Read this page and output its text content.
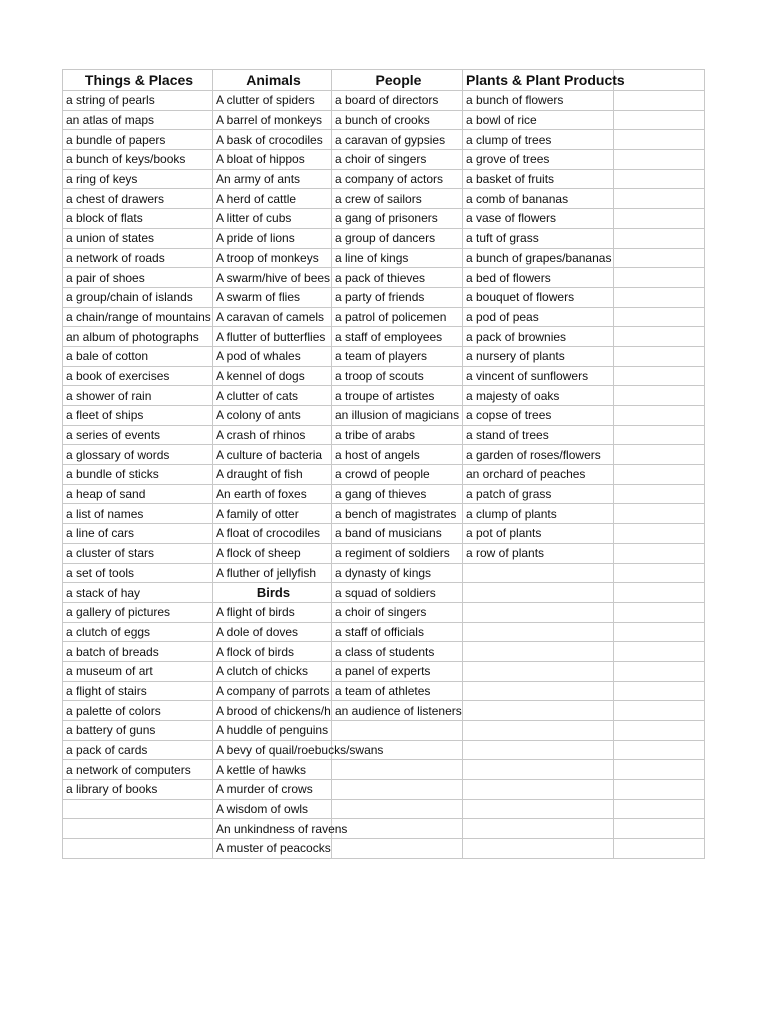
Things & Places	Animals	People	Plants & Plant Products	
a string of pearls	A clutter of spiders	a board of directors	a bunch of flowers	
an atlas of maps	A barrel of monkeys	a bunch of crooks	a bowl of rice	
a bundle of papers	A bask of crocodiles	a caravan of gypsies	a clump of trees	
a bunch of keys/books	A bloat of hippos	a choir of singers	a grove of trees	
a ring of keys	An army of ants	a company of actors	a basket of fruits	
a chest of drawers	A herd of cattle	a crew of sailors	a comb of bananas	
a block of flats	A litter of cubs	a gang of prisoners	a vase of flowers	
a union of states	A pride of lions	a group of dancers	a tuft of grass	
a network of roads	A troop of monkeys	a line of kings	a bunch of grapes/bananas	
a pair of shoes	A swarm/hive of bees	a pack of thieves	a bed of flowers	
a group/chain of islands	A swarm of flies	a party of friends	a bouquet of flowers	
a chain/range of mountains	A caravan of camels	a patrol of policemen	a pod of peas	
an album of photographs	A flutter of butterflies	a staff of employees	a pack of brownies	
a bale of cotton	A pod of whales	a team of players	a nursery of plants	
a book of exercises	A kennel of dogs	a troop of scouts	a vincent of sunflowers	
a shower of rain	A clutter of cats	a troupe of artistes	a majesty of oaks	
a fleet of ships	A colony of ants	an illusion of magicians	a copse of trees	
a series of events	A crash of rhinos	a tribe of arabs	a stand of trees	
a glossary of words	A culture of bacteria	a host of angels	a garden of roses/flowers	
a bundle of sticks	A draught of fish	a crowd of people	an orchard of peaches	
a heap of sand	An earth of foxes	a gang of thieves	a patch of grass	
a list of names	A family of otter	a bench of magistrates	a clump of plants	
a line of cars	A float of crocodiles	a band of musicians	a pot of plants	
a cluster of stars	A flock of sheep	a regiment of soldiers	a row of plants	
a set of tools	A fluther of jellyfish	a dynasty of kings		
a stack of hay	Birds	a squad of soldiers		
a gallery of pictures	A flight of birds	a choir of singers		
a clutch of eggs	A dole of doves	a staff of officials		
a batch of breads	A flock of birds	a class of students		
a museum of art	A clutch of chicks	a panel of experts		
a flight of stairs	A company of parrots	a team of athletes		
a palette of colors	A brood of chickens/h	an audience of listeners		
a battery of guns	A huddle of penguins			
a pack of cards	A bevy of quail/roebucks/swans			
a network of computers	A kettle of hawks			
a library of books	A murder of crows			
	A wisdom of owls			
	An unkindness of ravens			
	A muster of peacocks			
